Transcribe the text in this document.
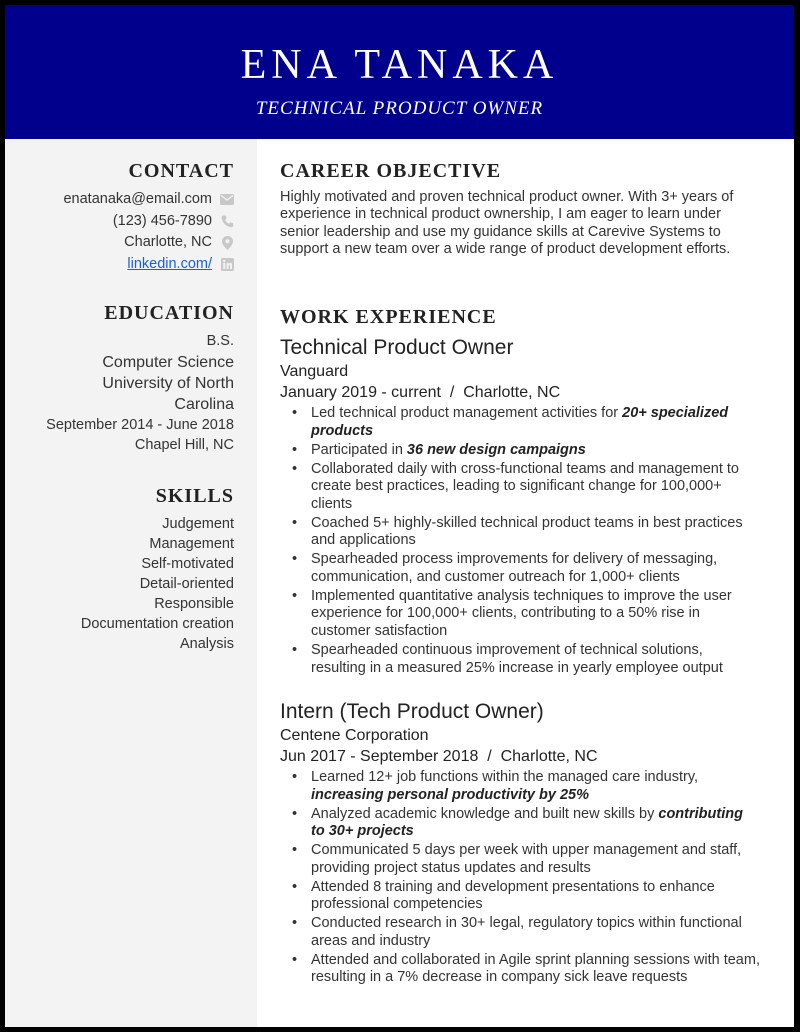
ENA TANAKA
TECHNICAL PRODUCT OWNER
CONTACT
enatanaka@email.com
(123) 456-7890
Charlotte, NC
linkedin.com/
EDUCATION
B.S.
Computer Science
University of North
Carolina
September 2014 - June 2018
Chapel Hill, NC
SKILLS
Judgement
Management
Self-motivated
Detail-oriented
Responsible
Documentation creation
Analysis
CAREER OBJECTIVE
Highly motivated and proven technical product owner. With 3+ years of experience in technical product ownership, I am eager to learn under senior leadership and use my guidance skills at Carevive Systems to support a new team over a wide range of product development efforts.
WORK EXPERIENCE
Technical Product Owner
Vanguard
January 2019 - current  /  Charlotte, NC
• Led technical product management activities for 20+ specialized products
• Participated in 36 new design campaigns
• Collaborated daily with cross-functional teams and management to create best practices, leading to significant change for 100,000+ clients
• Coached 5+ highly-skilled technical product teams in best practices and applications
• Spearheaded process improvements for delivery of messaging, communication, and customer outreach for 1,000+ clients
• Implemented quantitative analysis techniques to improve the user experience for 100,000+ clients, contributing to a 50% rise in customer satisfaction
• Spearheaded continuous improvement of technical solutions, resulting in a measured 25% increase in yearly employee output
Intern (Tech Product Owner)
Centene Corporation
Jun 2017 - September 2018  /  Charlotte, NC
• Learned 12+ job functions within the managed care industry, increasing personal productivity by 25%
• Analyzed academic knowledge and built new skills by contributing to 30+ projects
• Communicated 5 days per week with upper management and staff, providing project status updates and results
• Attended 8 training and development presentations to enhance professional competencies
• Conducted research in 30+ legal, regulatory topics within functional areas and industry
• Attended and collaborated in Agile sprint planning sessions with team, resulting in a 7% decrease in company sick leave requests
